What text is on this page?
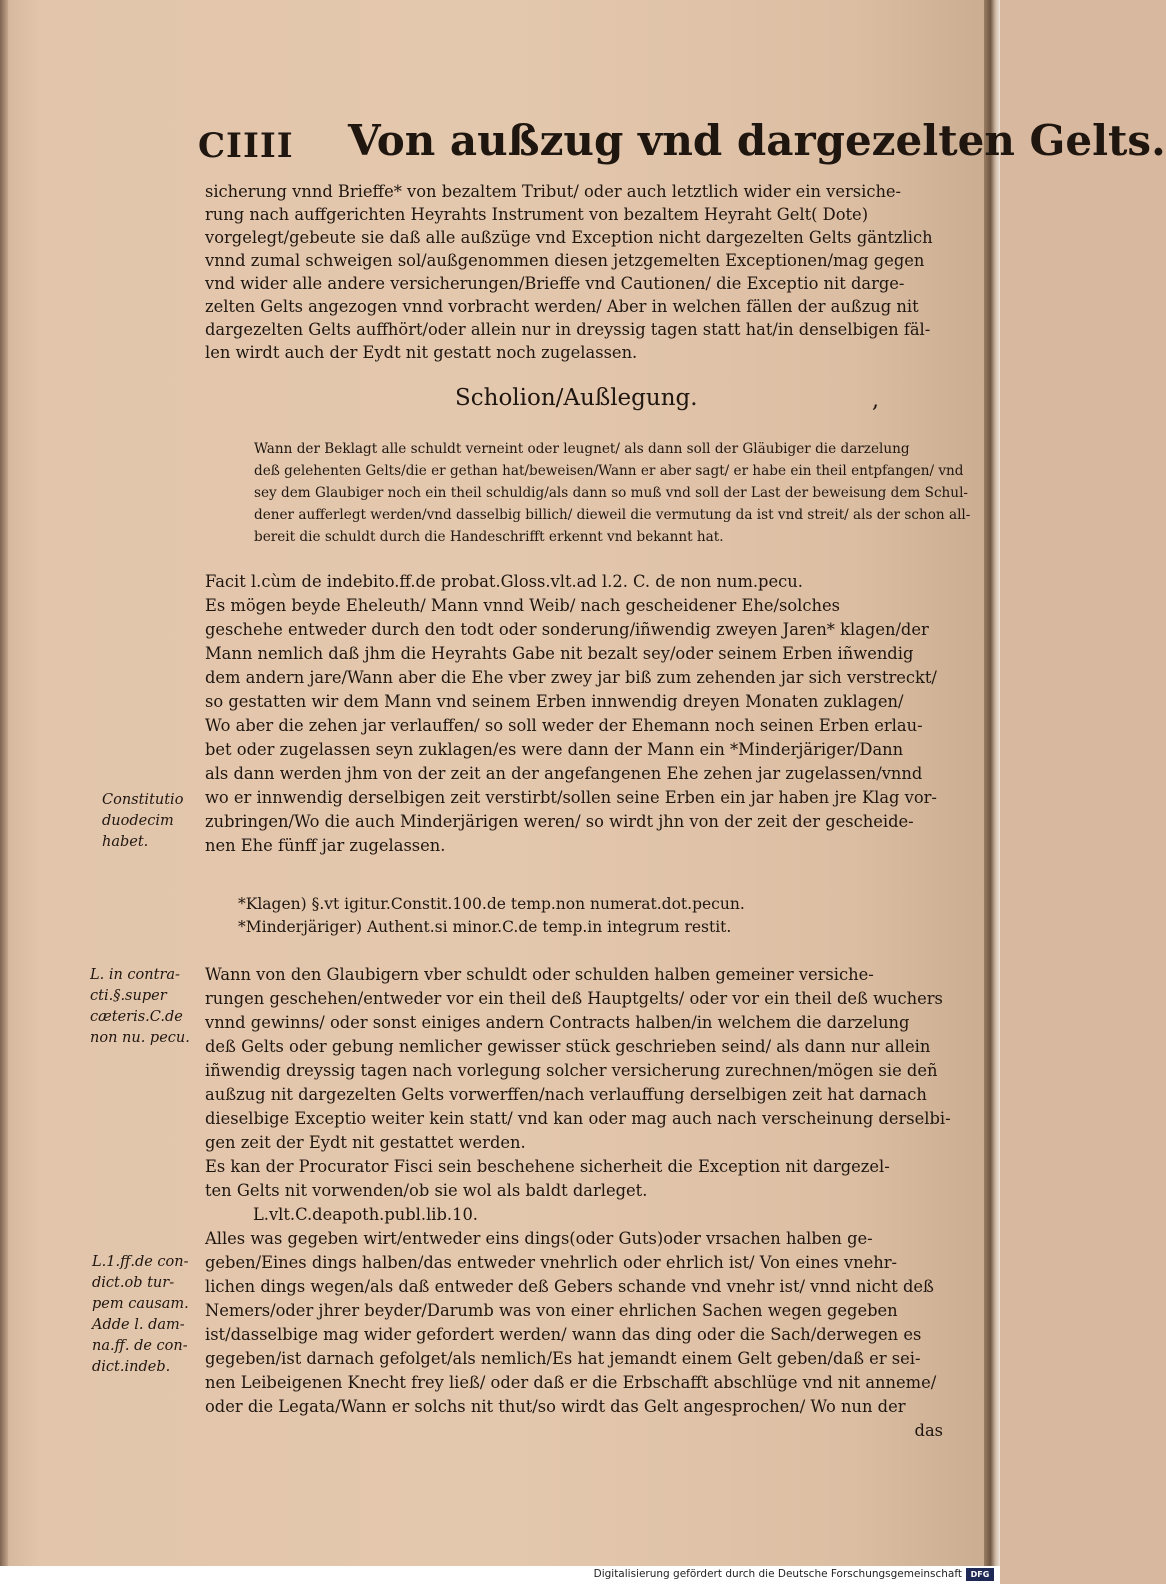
CIIII Von außzug vnd dargezelten Gelts.
sicherung vnnd Brieffe* von bezaltem Tribut/ oder auch letztlich wider ein versiche-
rung nach auffgerichten Heyrahts Instrument von bezaltem Heyraht Gelt( Dote)
vorgelegt/gebeute sie daß alle außzüge vnd Exception nicht dargezelten Gelts gäntzlich
vnnd zumal schweigen sol/außgenommen diesen jetzgemelten Exceptionen/mag gegen
vnd wider alle andere versicherungen/Brieffe vnd Cautionen/ die Exceptio nit darge-
zelten Gelts angezogen vnnd vorbracht werden/ Aber in welchen fällen der außzug nit
dargezelten Gelts auffhört/oder allein nur in dreyssig tagen statt hat/in denselbigen fäl-
len wirdt auch der Eydt nit gestatt noch zugelassen.
Scholion/Außlegung.	,
Wann der Beklagt alle schuldt verneint oder leugnet/ als dann soll der Gläubiger die darzelung
deß gelehenten Gelts/die er gethan hat/beweisen/Wann er aber sagt/ er habe ein theil entpfangen/ vnd
sey dem Glaubiger noch ein theil schuldig/als dann so muß vnd soll der Last der beweisung dem Schul-
dener aufferlegt werden/vnd dasselbig billich/ dieweil die vermutung da ist vnd streit/ als der schon all-
bereit die schuldt durch die Handeschrifft erkennt vnd bekannt hat.
Facit l.cùm de indebito.ff.de probat.Gloss.vlt.ad l.2. C. de non num.pecu.
Es mögen beyde Eheleuth/ Mann vnnd Weib/ nach gescheidener Ehe/solches
geschehe entweder durch den todt oder sonderung/iñwendig zweyen Jaren* klagen/der
Mann nemlich daß jhm die Heyrahts Gabe nit bezalt sey/oder seinem Erben iñwendig
dem andern jare/Wann aber die Ehe vber zwey jar biß zum zehenden jar sich verstreckt/
so gestatten wir dem Mann vnd seinem Erben innwendig dreyen Monaten zuklagen/
Wo aber die zehen jar verlauffen/ so soll weder der Ehemann noch seinen Erben erlau-
bet oder zugelassen seyn zuklagen/es were dann der Mann ein *Minderjäriger/Dann
als dann werden jhm von der zeit an der angefangenen Ehe zehen jar zugelassen/vnnd
wo er innwendig derselbigen zeit verstirbt/sollen seine Erben ein jar haben jre Klag vor-
zubringen/Wo die auch Minderjärigen weren/ so wirdt jhn von der zeit der gescheide-
nen Ehe fünff jar zugelassen.
*Klagen) §.vt igitur.Constit.100.de temp.non numerat.dot.pecun.
*Minderjäriger) Authent.si minor.C.de temp.in integrum restit.
Wann von den Glaubigern vber schuldt oder schulden halben gemeiner versiche-
rungen geschehen/entweder vor ein theil deß Hauptgelts/ oder vor ein theil deß wuchers
vnnd gewinns/ oder sonst einiges andern Contracts halben/in welchem die darzelung
deß Gelts oder gebung nemlicher gewisser stück geschrieben seind/ als dann nur allein
iñwendig dreyssig tagen nach vorlegung solcher versicherung zurechnen/mögen sie deñ
außzug nit dargezelten Gelts vorwerffen/nach verlauffung derselbigen zeit hat darnach
dieselbige Exceptio weiter kein statt/ vnd kan oder mag auch nach verscheinung derselbi-
gen zeit der Eydt nit gestattet werden.
Es kan der Procurator Fisci sein beschehene sicherheit die Exception nit dargezel-
ten Gelts nit vorwenden/ob sie wol als baldt darleget.
L.vlt.C.deapoth.publ.lib.10.
Alles was gegeben wirt/entweder eins dings(oder Guts)oder vrsachen halben ge-
geben/Eines dings halben/das entweder vnehrlich oder ehrlich ist/ Von eines vnehr-
lichen dings wegen/als daß entweder deß Gebers schande vnd vnehr ist/ vnnd nicht deß
Nemers/oder jhrer beyder/Darumb was von einer ehrlichen Sachen wegen gegeben
ist/dasselbige mag wider gefordert werden/ wann das ding oder die Sach/derwegen es
gegeben/ist darnach gefolget/als nemlich/Es hat jemandt einem Gelt geben/daß er sei-
nen Leibeigenen Knecht frey ließ/ oder daß er die Erbschafft abschlüge vnd nit anneme/
oder die Legata/Wann er solchs nit thut/so wirdt das Gelt angesprochen/ Wo nun der
das
Constitutio
duodecim
habet.
L. in contra-
cti.§.super
cæteris.C.de
non nu. pecu.
L.1.ff.de con-
dict.ob tur-
pem causam.
Adde l. dam-
na.ff. de con-
dict.indeb.
Digitalisierung gefördert durch die Deutsche Forschungsgemeinschaft	DFG
